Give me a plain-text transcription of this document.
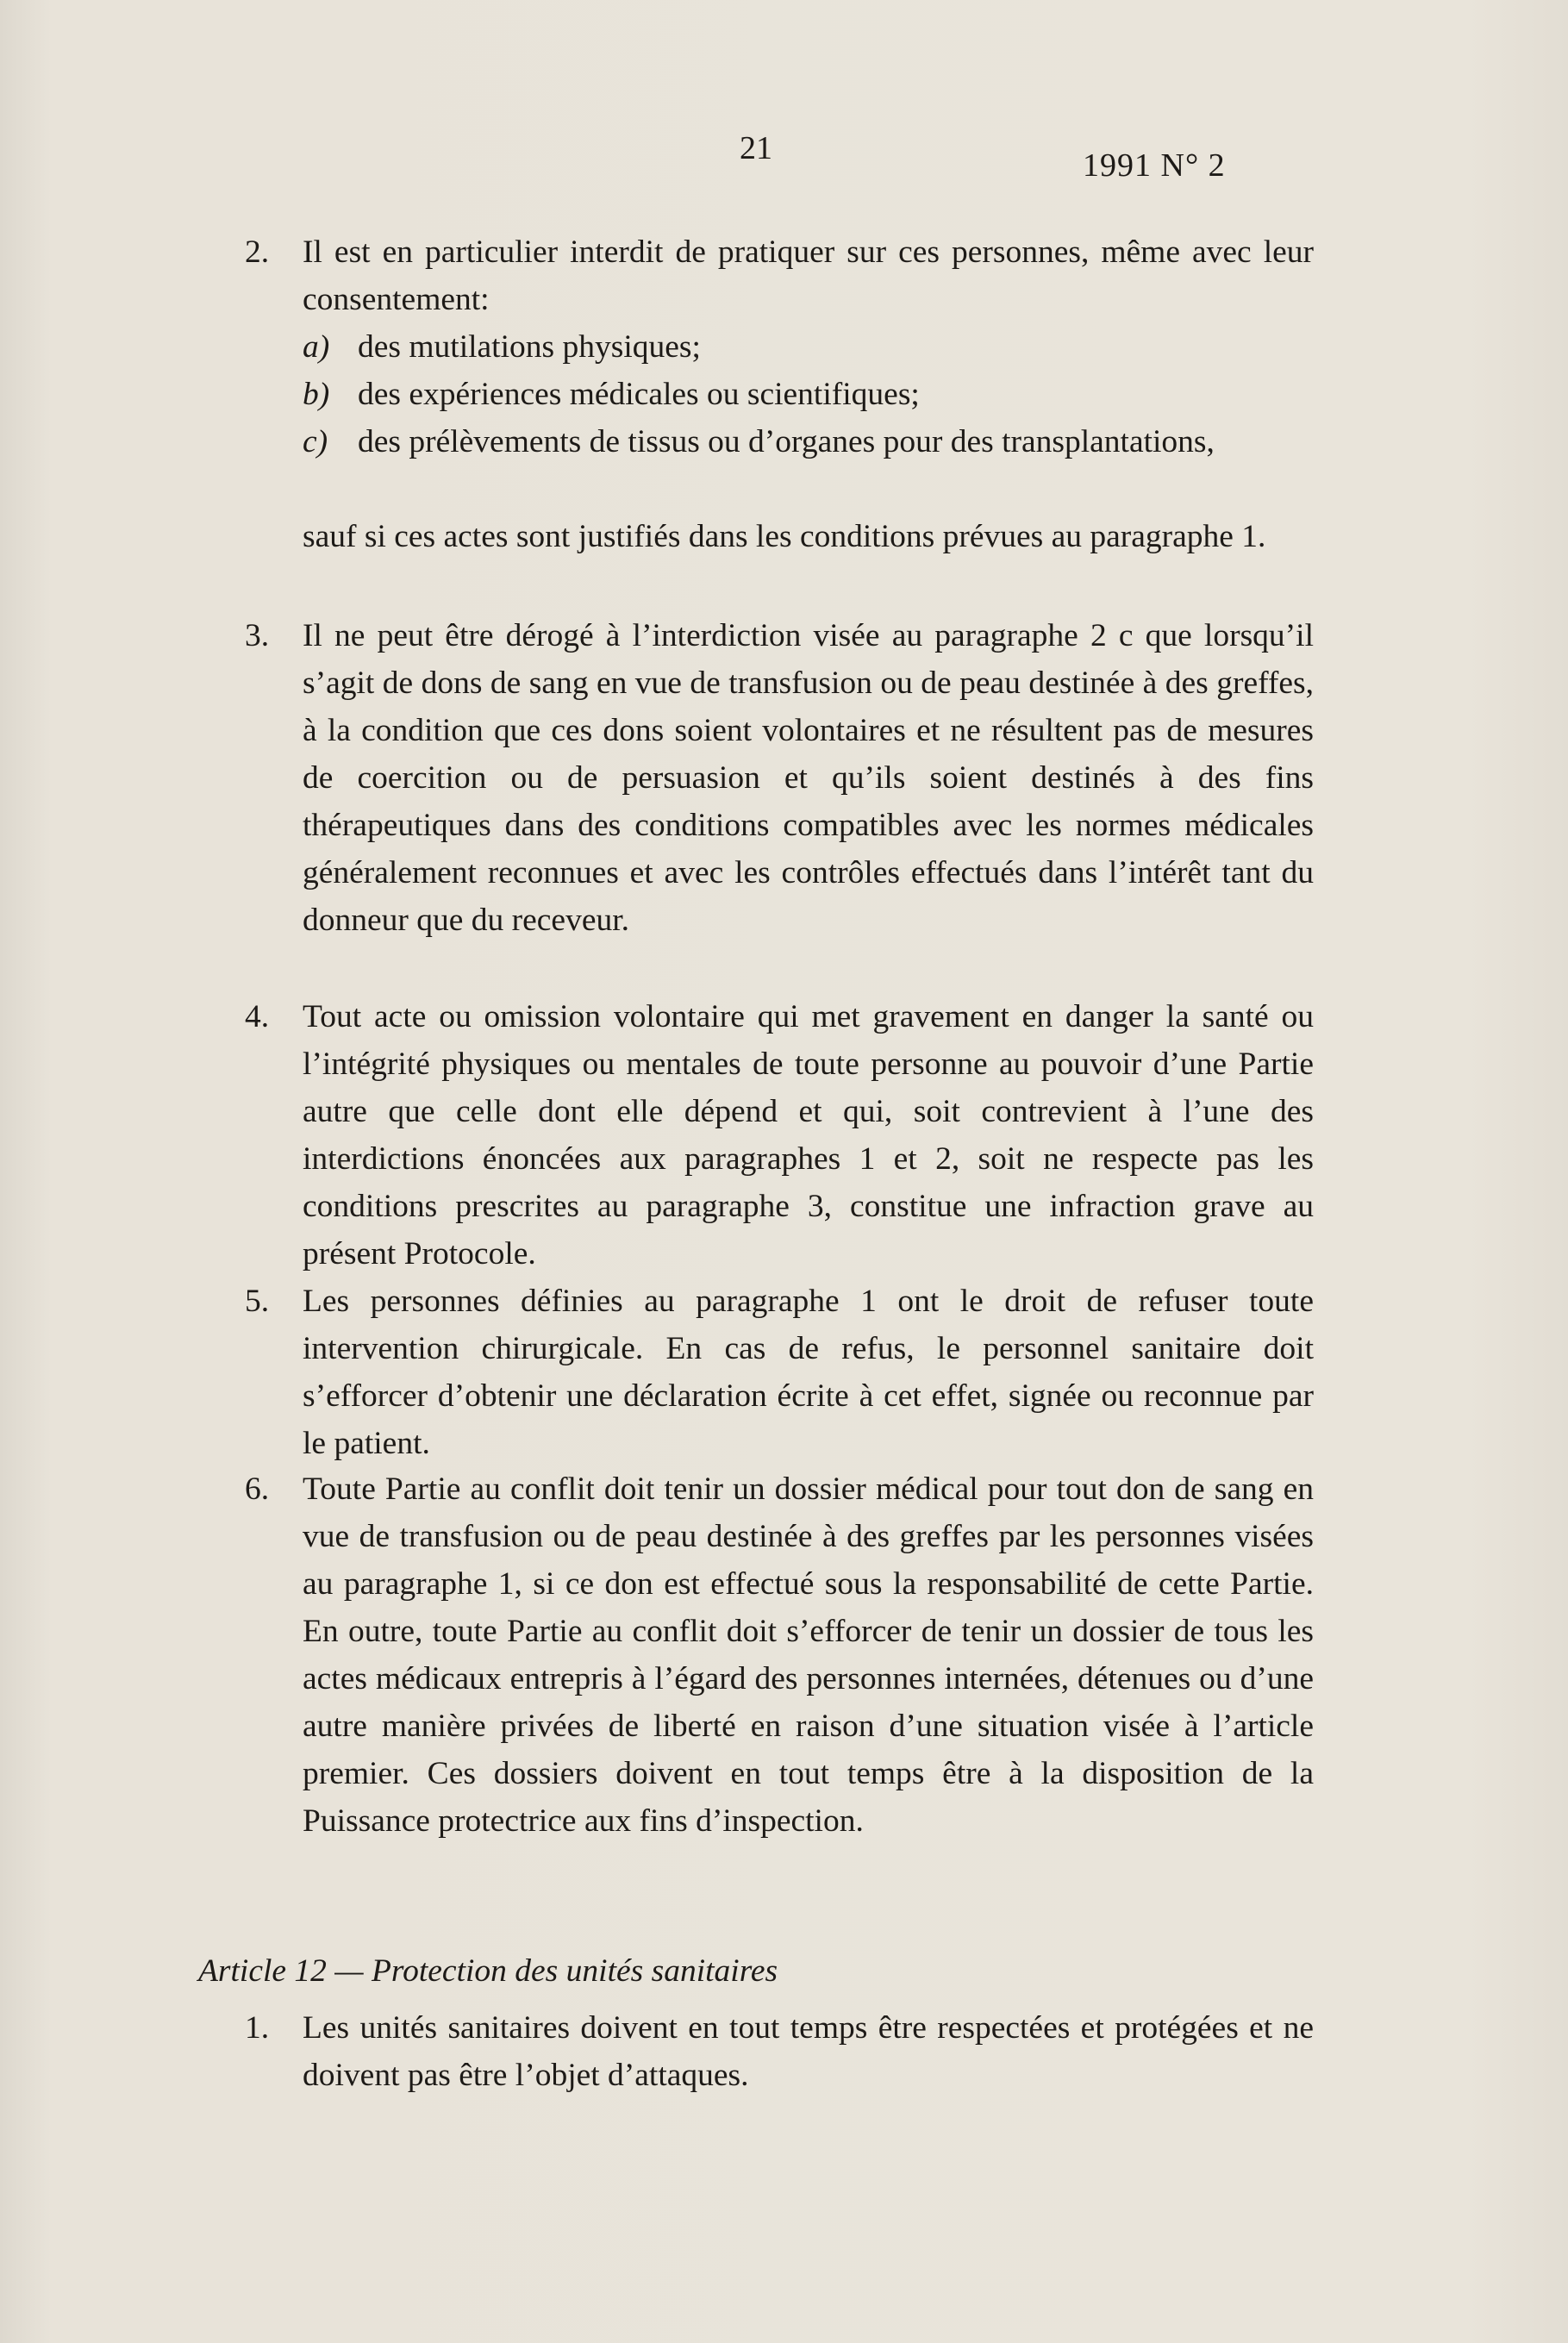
21	1991 N° 2
2. Il est en particulier interdit de pratiquer sur ces personnes, même avec leur consentement:
a) des mutilations physiques;
b) des expériences médicales ou scientifiques;
c) des prélèvements de tissus ou d’organes pour des transplantations,
sauf si ces actes sont justifiés dans les conditions prévues au paragraphe 1.
3. Il ne peut être dérogé à l’interdiction visée au paragraphe 2 c que lorsqu’il s’agit de dons de sang en vue de transfusion ou de peau destinée à des greffes, à la condition que ces dons soient volontaires et ne résultent pas de mesures de coercition ou de persuasion et qu’ils soient destinés à des fins thérapeutiques dans des conditions compatibles avec les normes médicales généralement reconnues et avec les contrôles effectués dans l’intérêt tant du donneur que du receveur.
4. Tout acte ou omission volontaire qui met gravement en danger la santé ou l’intégrité physiques ou mentales de toute personne au pouvoir d’une Partie autre que celle dont elle dépend et qui, soit contrevient à l’une des interdictions énoncées aux paragraphes 1 et 2, soit ne respecte pas les conditions prescrites au paragraphe 3, constitue une infraction grave au présent Protocole.
5. Les personnes définies au paragraphe 1 ont le droit de refuser toute intervention chirurgicale. En cas de refus, le personnel sanitaire doit s’efforcer d’obtenir une déclaration écrite à cet effet, signée ou reconnue par le patient.
6. Toute Partie au conflit doit tenir un dossier médical pour tout don de sang en vue de transfusion ou de peau destinée à des greffes par les personnes visées au paragraphe 1, si ce don est effectué sous la responsabilité de cette Partie. En outre, toute Partie au conflit doit s’efforcer de tenir un dossier de tous les actes médicaux entrepris à l’égard des personnes internées, détenues ou d’une autre manière privées de liberté en raison d’une situation visée à l’article premier. Ces dossiers doivent en tout temps être à la disposition de la Puissance protectrice aux fins d’inspection.
Article 12 — Protection des unités sanitaires
1. Les unités sanitaires doivent en tout temps être respectées et protégées et ne doivent pas être l’objet d’attaques.
